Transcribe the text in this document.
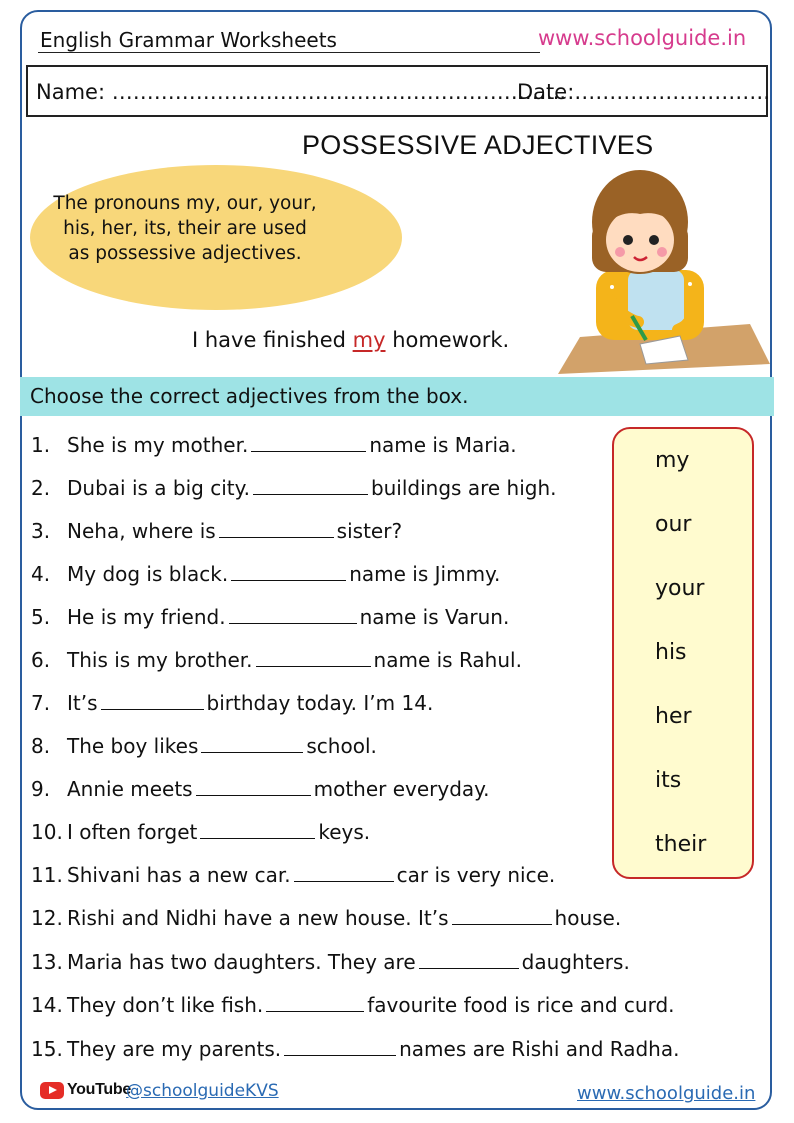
English Grammar Worksheets	www.schoolguide.in
Name: ………………………………………………………..
Date:……………………….
POSSESSIVE ADJECTIVES
The pronouns my, our, your,
his, her, its, their are used
as possessive adjectives.
I have finished my homework.
Choose the correct adjectives from the box.
1. She is my mother.	name is Maria.
2. Dubai is a big city.	buildings are high.
3. Neha, where is	sister?
4. My dog is black.	name is Jimmy.
5. He is my friend.	name is Varun.
6. This is my brother.	name is Rahul.
7. It’s	birthday today. I’m 14.
8. The boy likes	school.
9. Annie meets	mother everyday.
10. I often forget	keys.
11. Shivani has a new car.	car is very nice.
12. Rishi and Nidhi have a new house. It’s	house.
13. Maria has two daughters. They are	daughters.
14. They don’t like fish.	favourite food is rice and curd.
15. They are my parents.	names are Rishi and Radha.
my
our
your
his
her
its
their
YouTube
@schoolguideKVS	www.schoolguide.in
